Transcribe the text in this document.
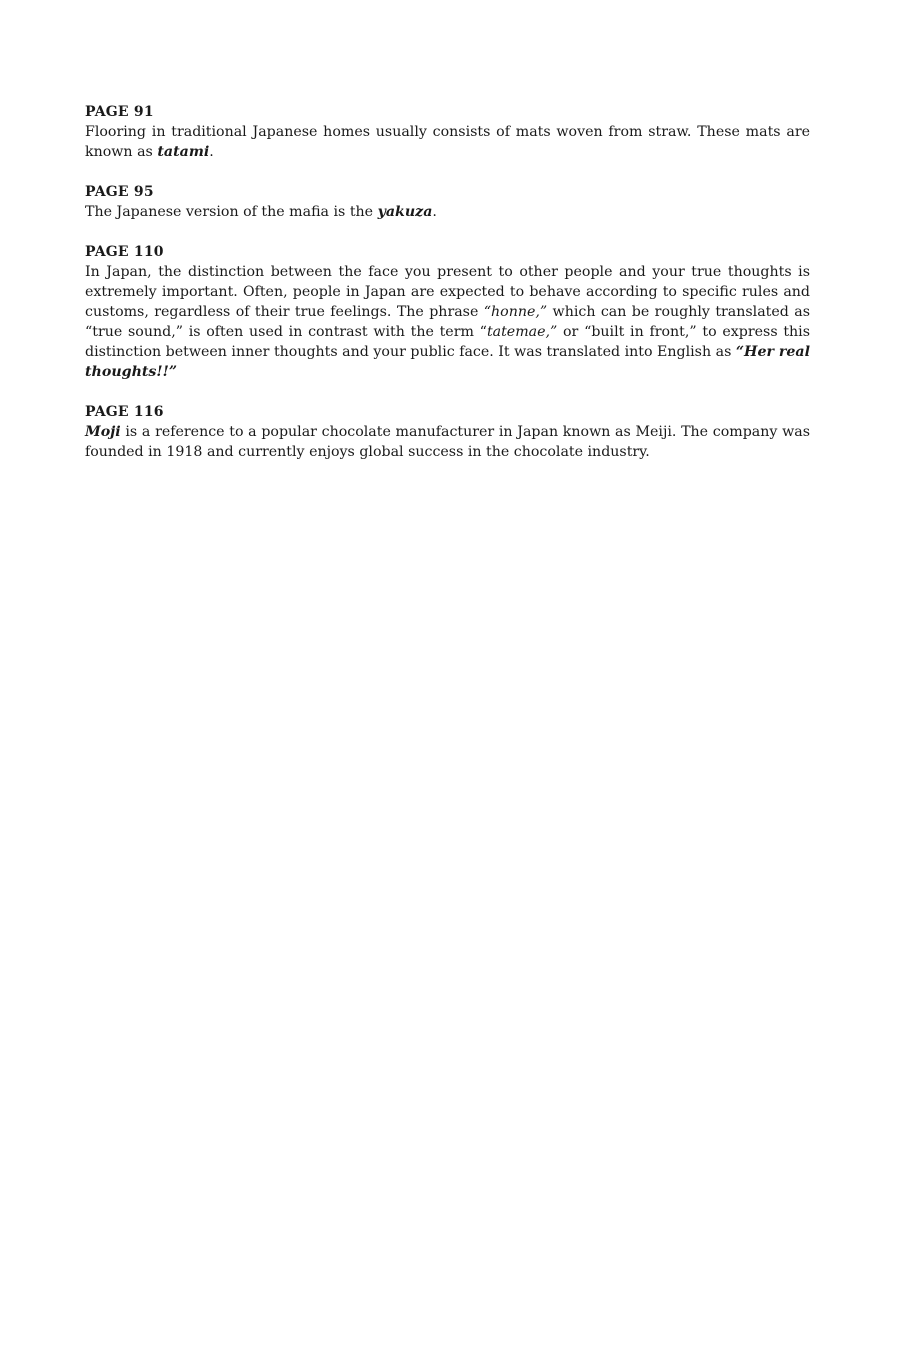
PAGE 91

Flooring in traditional Japanese homes usually consists of mats woven from straw. These mats are known as tatami.

PAGE 95

The Japanese version of the mafia is the yakuza.

PAGE 110

In Japan, the distinction between the face you present to other people and your true thoughts is extremely important. Often, people in Japan are expected to behave according to specific rules and customs, regardless of their true feelings. The phrase “honne,” which can be roughly translated as “true sound,” is often used in contrast with the term “tatemae,” or “built in front,” to express this distinction between inner thoughts and your public face. It was translated into English as “Her real thoughts!!”

PAGE 116

Moji is a reference to a popular chocolate manufacturer in Japan known as Meiji. The company was founded in 1918 and currently enjoys global success in the chocolate industry.
